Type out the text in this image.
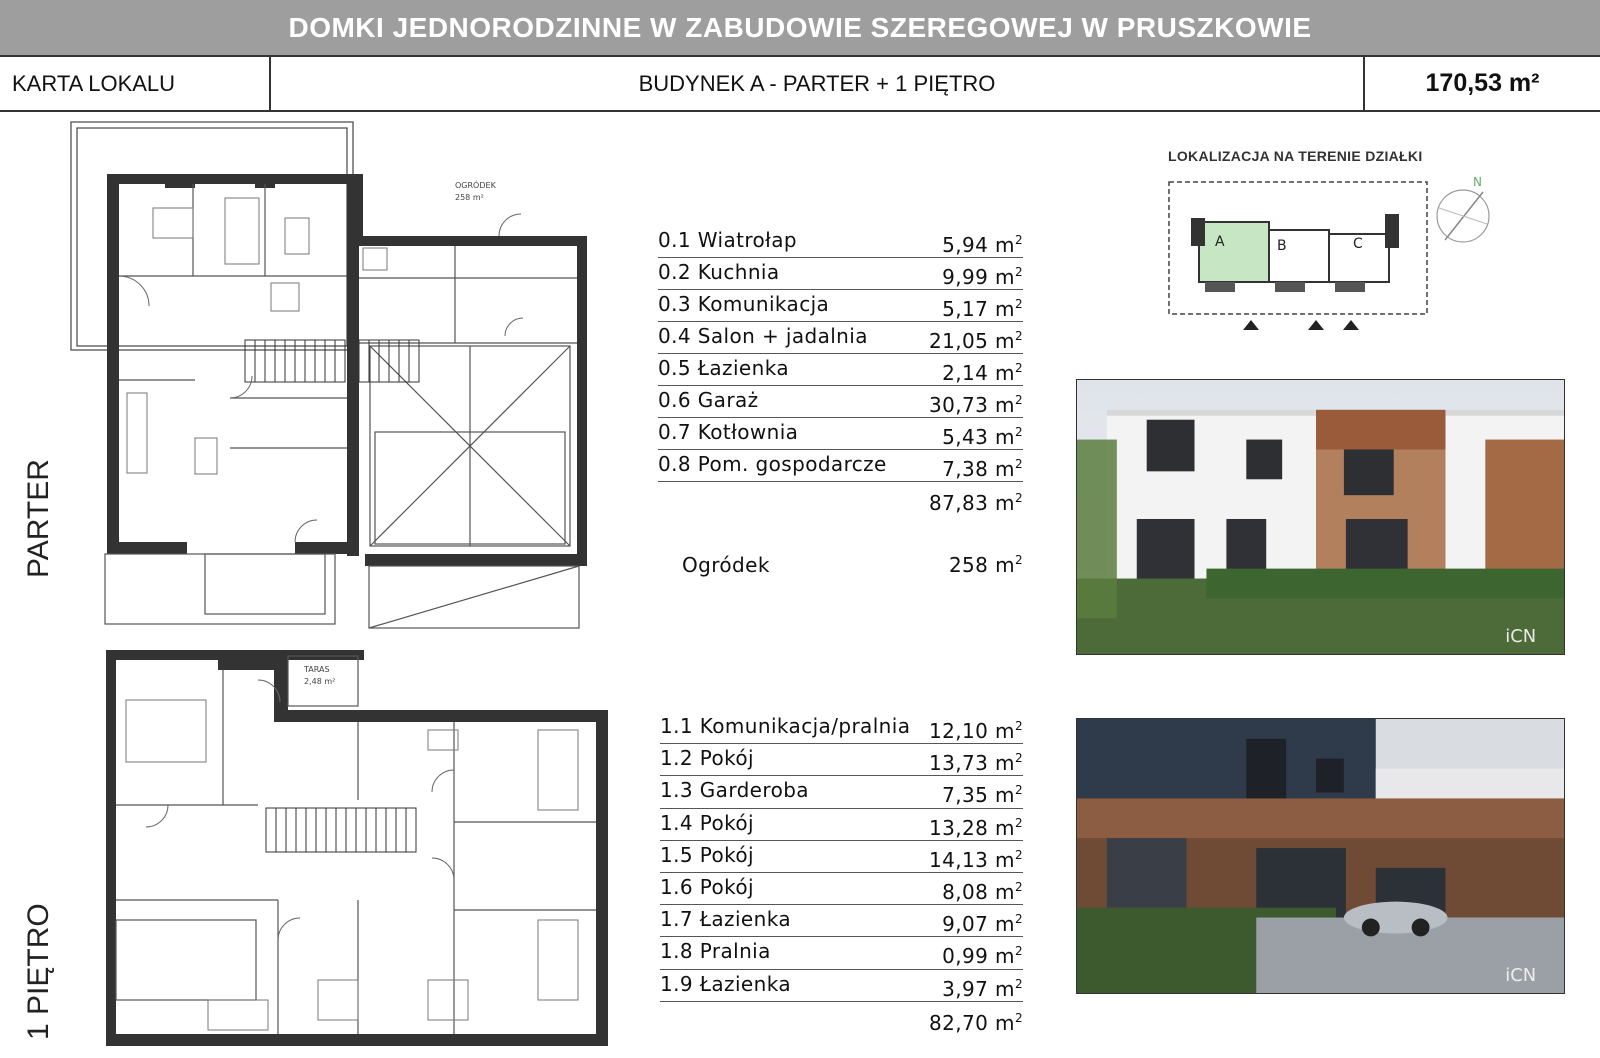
DOMKI JEDNORODZINNE W ZABUDOWIE SZEREGOWEJ W PRUSZKOWIE
KARTA LOKALU	BUDYNEK A - PARTER + 1 PIĘTRO	170,53 m²
PARTER
1 PIĘTRO
OGRÓDEK
258 m²
TARAS
2,48 m²
0.1 Wiatrołap	5,94 $m^2$
0.2 Kuchnia	9,99 $m^2$
0.3 Komunikacja	5,17 $m^2$
0.4 Salon + jadalnia	21,05 $m^2$
0.5 Łazienka	2,14 $m^2$
0.6 Garaż	30,73 $m^2$
0.7 Kotłownia	5,43 $m^2$
0.8 Pom. gospodarcze	7,38 $m^2$
87,83 $m^2$
Ogródek	258 $m^2$
1.1 Komunikacja/pralnia 12,10 $m^2$
1.2 Pokój	13,73 $m^2$
1.3 Garderoba	7,35 $m^2$
1.4 Pokój	13,28 $m^2$
1.5 Pokój	14,13 $m^2$
1.6 Pokój	8,08 $m^2$
1.7 Łazienka	9,07 $m^2$
1.8 Pralnia	0,99 $m^2$
1.9 Łazienka	3,97 $m^2$
82,70 $m^2$
LOKALIZACJA NA TERENIE DZIAŁKI
A	B	C
N
iCN
iCN
